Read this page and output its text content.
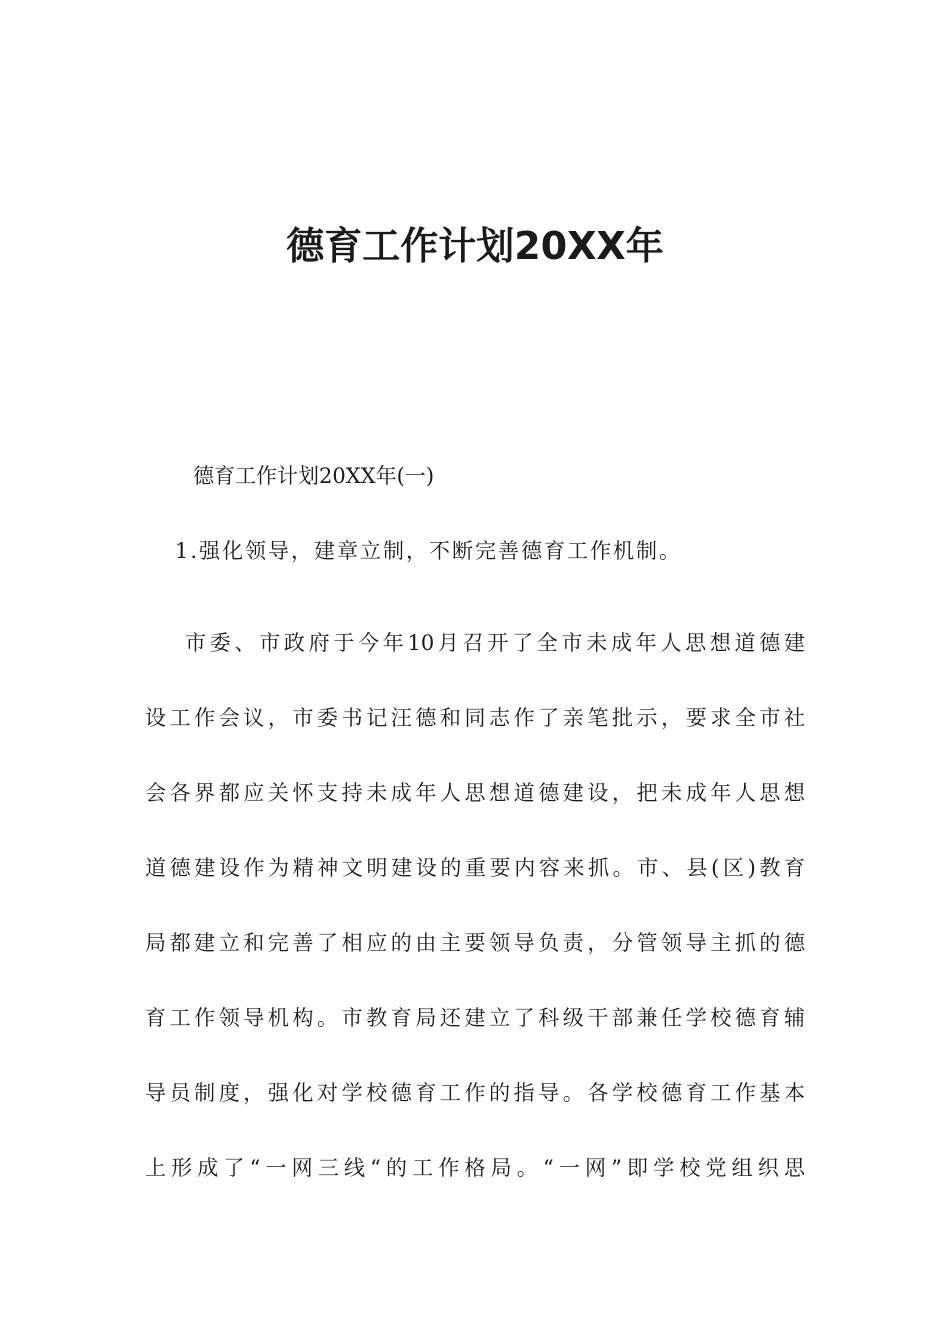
德育工作计划20XX年

德育工作计划20XX年(一)

1.强化领导，建章立制，不断完善德育工作机制。

市委、市政府于今年10月召开了全市未成年人思想道德建
设工作会议，市委书记汪德和同志作了亲笔批示，要求全市社
会各界都应关怀支持未成年人思想道德建设，把未成年人思想
道德建设作为精神文明建设的重要内容来抓。市、县(区)教育
局都建立和完善了相应的由主要领导负责，分管领导主抓的德
育工作领导机构。市教育局还建立了科级干部兼任学校德育辅
导员制度，强化对学校德育工作的指导。各学校德育工作基本
上形成了“一网三线“的工作格局。“一网”即学校党组织思
